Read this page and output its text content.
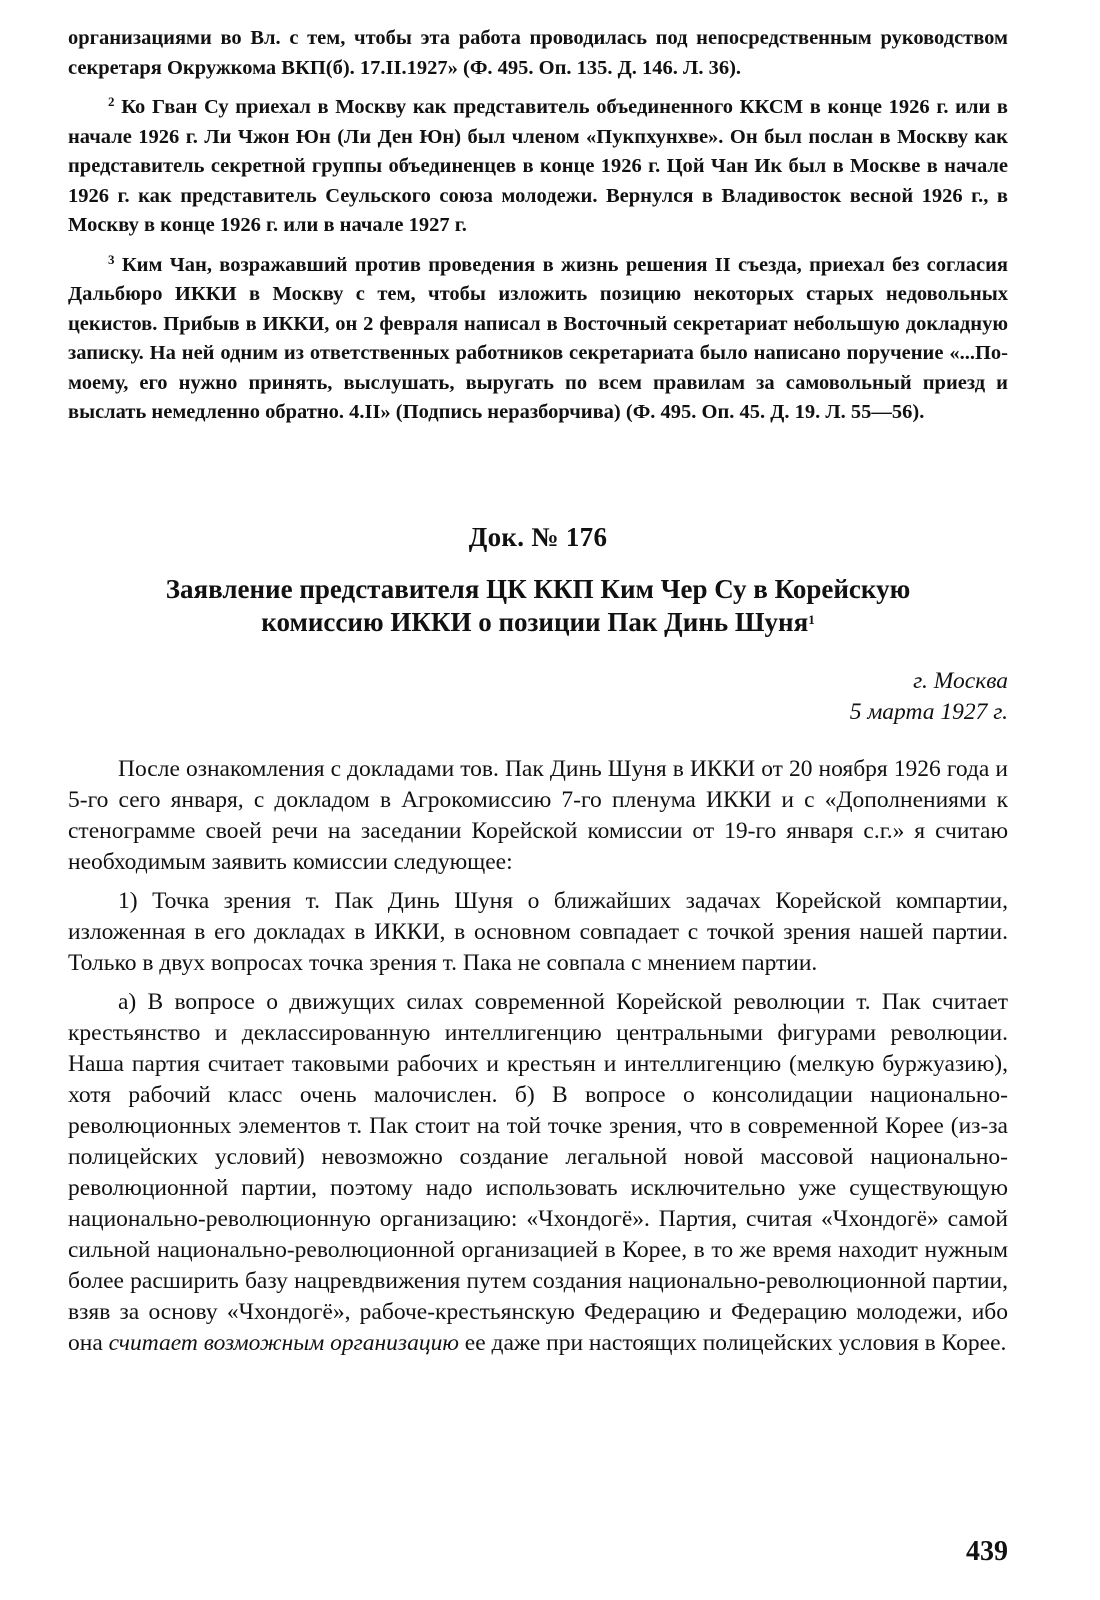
организациями во Вл. с тем, чтобы эта работа проводилась под непосредственным руководством секретаря Окружкома ВКП(б). 17.II.1927» (Ф. 495. Оп. 135. Д. 146. Л. 36).

$^2$ Ко Гван Су приехал в Москву как представитель объединенного ККСМ в конце 1926 г. или в начале 1926 г. Ли Чжон Юн (Ли Ден Юн) был членом «Пукпхунхве». Он был послан в Москву как представитель секретной группы объединенцев в конце 1926 г. Цой Чан Ик был в Москве в начале 1926 г. как представитель Сеульского союза молодежи. Вернулся в Владивосток весной 1926 г., в Москву в конце 1926 г. или в начале 1927 г.

$^3$ Ким Чан, возражавший против проведения в жизнь решения II съезда, приехал без согласия Дальбюро ИККИ в Москву с тем, чтобы изложить позицию некоторых старых недовольных цекистов. Прибыв в ИККИ, он 2 февраля написал в Восточный секретариат небольшую докладную записку. На ней одним из ответственных работников секретариата было написано поручение «...По-моему, его нужно принять, выслушать, выругать по всем правилам за самовольный приезд и выслать немедленно обратно. 4.II» (Подпись неразборчива) (Ф. 495. Оп. 45. Д. 19. Л. 55—56).

Док. № 176
Заявление представителя ЦК ККП Ким Чер Су в Корейскую
комиссию ИККИ о позиции Пак Динь Шуня$^1$
г. Москва
5 марта 1927 г.

После ознакомления с докладами тов. Пак Динь Шуня в ИККИ от 20 ноября 1926 года и 5-го сего января, с докладом в Агрокомиссию 7-го пленума ИККИ и с «Дополнениями к стенограмме своей речи на заседании Корейской комиссии от 19-го января с.г.» я считаю необходимым заявить комиссии следующее:

1) Точка зрения т. Пак Динь Шуня о ближайших задачах Корейской компартии, изложенная в его докладах в ИККИ, в основном совпадает с точкой зрения нашей партии. Только в двух вопросах точка зрения т. Пака не совпала с мнением партии.

а) В вопросе о движущих силах современной Корейской революции т. Пак считает крестьянство и деклассированную интеллигенцию центральными фигурами революции. Наша партия считает таковыми рабочих и крестьян и интеллигенцию (мелкую буржуазию), хотя рабочий класс очень малочислен. б) В вопросе о консолидации национально-революционных элементов т. Пак стоит на той точке зрения, что в современной Корее (из-за полицейских условий) невозможно создание легальной новой массовой национально-революционной партии, поэтому надо использовать исключительно уже существующую национально-революционную организацию: «Чхондогё». Партия, считая «Чхондогё» самой сильной национально-революционной организацией в Корее, в то же время находит нужным более расширить базу нацревдвижения путем создания национально-революционной партии, взяв за основу «Чхондогё», рабоче-крестьянскую Федерацию и Федерацию молодежи, ибо она считает возможным организацию ее даже при настоящих полицейских условия в Корее.

439
